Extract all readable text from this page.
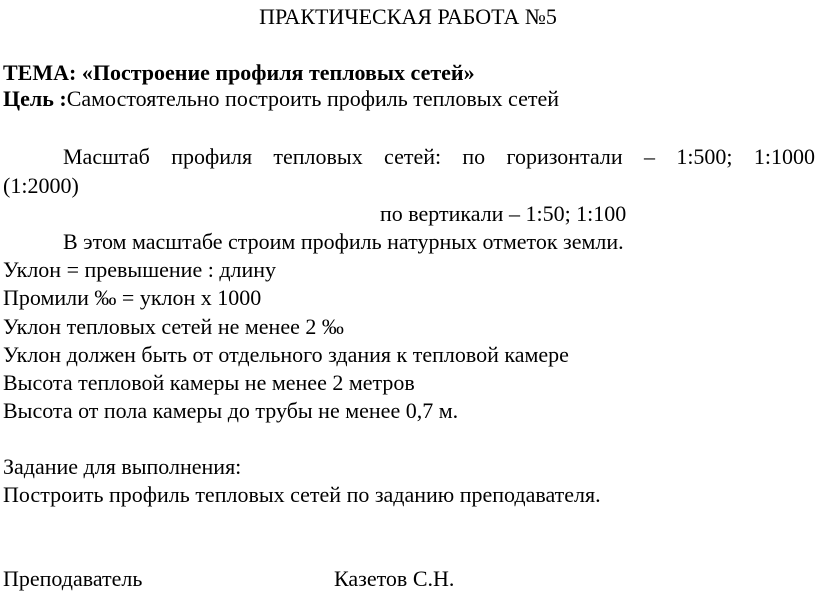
ПРАКТИЧЕСКАЯ РАБОТА №5
ТЕМА: «Построение профиля тепловых сетей»
Цель :Самостоятельно построить профиль тепловых сетей
Масштаб профиля тепловых сетей: по горизонтали – 1:500; 1:1000
(1:2000)
по вертикали – 1:50; 1:100
В этом масштабе строим профиль натурных отметок земли.
Уклон = превышение : длину
Промили ‰ = уклон х 1000
Уклон тепловых сетей не менее 2 ‰
Уклон должен быть от отдельного здания к тепловой камере
Высота тепловой камеры не менее 2 метров
Высота от пола камеры до трубы не менее 0,7 м.
Задание для выполнения:
Построить профиль тепловых сетей по заданию преподавателя.
Преподаватель	Казетов С.Н.
